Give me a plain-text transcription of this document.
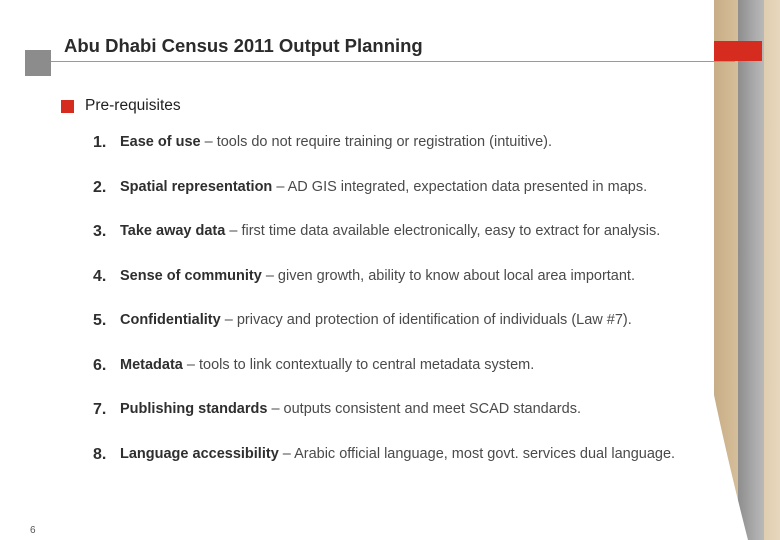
Abu Dhabi Census 2011 Output Planning
Pre-requisites
1. Ease of use – tools do not require training or registration (intuitive).
2. Spatial representation – AD GIS integrated, expectation data presented in maps.
3. Take away data – first time data available electronically, easy to extract for analysis.
4. Sense of community – given growth, ability to know about local area important.
5. Confidentiality – privacy and protection of identification of individuals (Law #7).
6. Metadata – tools to link contextually to central metadata system.
7. Publishing standards – outputs consistent and meet SCAD standards.
8. Language accessibility – Arabic official language, most govt. services dual language.
6
